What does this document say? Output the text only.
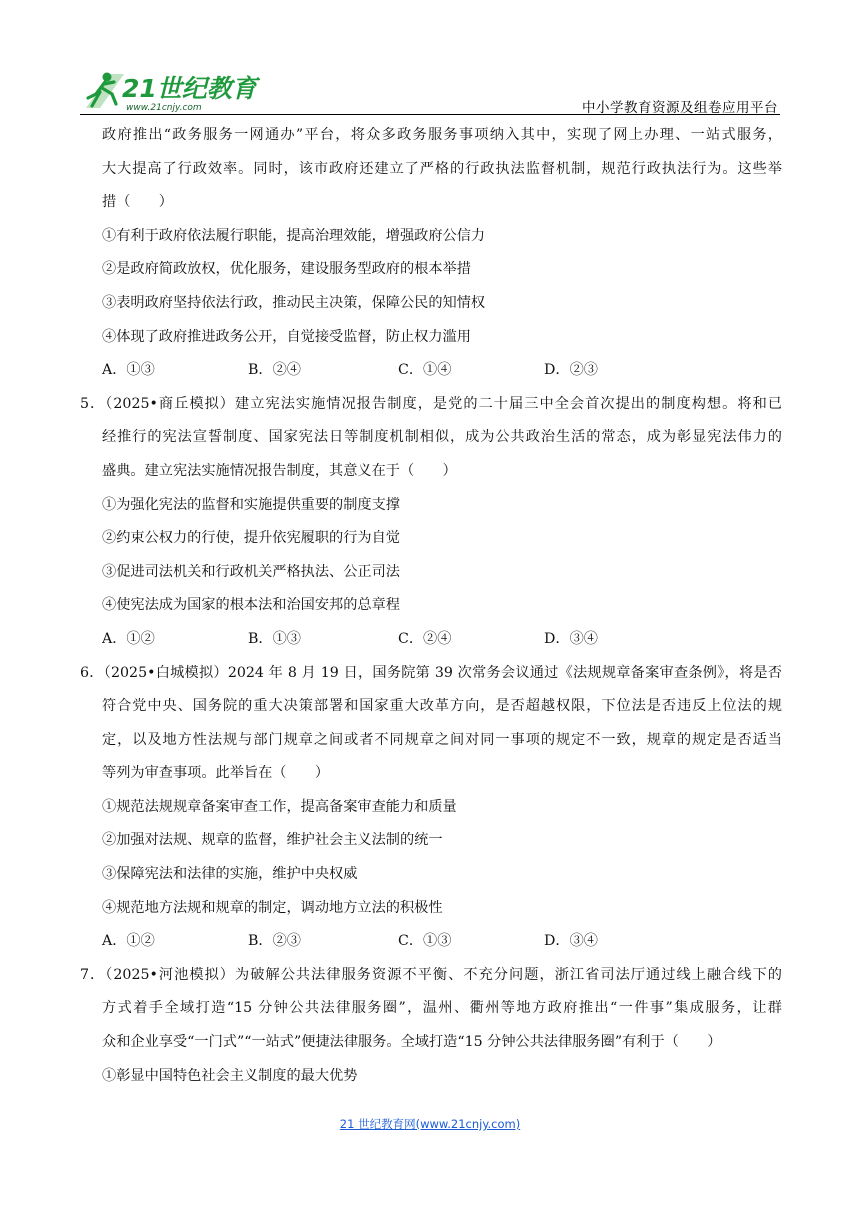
21世纪教育
www.21cnjy.com	中小学教育资源及组卷应用平台
政府推出“政务服务一网通办”平台，将众多政务服务事项纳入其中，实现了网上办理、一站式服务，
大大提高了行政效率。同时，该市政府还建立了严格的行政执法监督机制，规范行政执法行为。这些举
措（　　）
①有利于政府依法履行职能，提高治理效能，增强政府公信力
②是政府简政放权，优化服务，建设服务型政府的根本举措
③表明政府坚持依法行政，推动民主决策，保障公民的知情权
④体现了政府推进政务公开，自觉接受监督，防止权力滥用
A．①③	B．②④	C．①④	D．②③
5．（2025•商丘模拟）建立宪法实施情况报告制度，是党的二十届三中全会首次提出的制度构想。将和已
经推行的宪法宣誓制度、国家宪法日等制度机制相似，成为公共政治生活的常态，成为彰显宪法伟力的
盛典。建立宪法实施情况报告制度，其意义在于（　　）
①为强化宪法的监督和实施提供重要的制度支撑
②约束公权力的行使，提升依宪履职的行为自觉
③促进司法机关和行政机关严格执法、公正司法
④使宪法成为国家的根本法和治国安邦的总章程
A．①②	B．①③	C．②④	D．③④
6．（2025•白城模拟）2024 年 8 月 19 日，国务院第 39 次常务会议通过《法规规章备案审查条例》，将是否
符合党中央、国务院的重大决策部署和国家重大改革方向，是否超越权限，下位法是否违反上位法的规
定，以及地方性法规与部门规章之间或者不同规章之间对同一事项的规定不一致，规章的规定是否适当
等列为审查事项。此举旨在（　　）
①规范法规规章备案审查工作，提高备案审查能力和质量
②加强对法规、规章的监督，维护社会主义法制的统一
③保障宪法和法律的实施，维护中央权威
④规范地方法规和规章的制定，调动地方立法的积极性
A．①②	B．②③	C．①③	D．③④
7．（2025•河池模拟）为破解公共法律服务资源不平衡、不充分问题，浙江省司法厅通过线上融合线下的
方式着手全域打造“15 分钟公共法律服务圈”，温州、衢州等地方政府推出“一件事”集成服务，让群
众和企业享受“一门式”“一站式”便捷法律服务。全域打造“15 分钟公共法律服务圈”有利于（　　）
①彰显中国特色社会主义制度的最大优势
21 世纪教育网(www.21cnjy.com)
